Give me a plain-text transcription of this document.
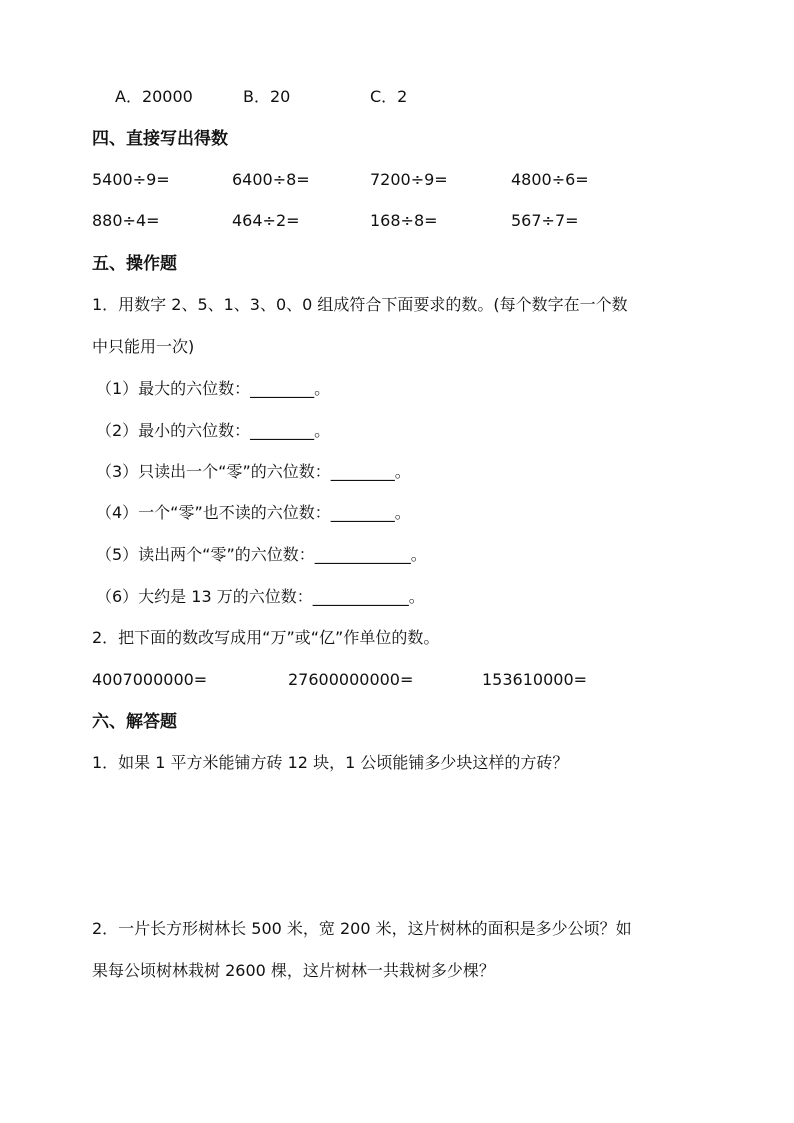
A．20000	B．20	C．2
四、直接写出得数
5400÷9=	6400÷8=	7200÷9=	4800÷6=
880÷4=	464÷2=	168÷8=	567÷7=
五、操作题
1．用数字 2、5、1、3、0、0 组成符合下面要求的数。(每个数字在一个数
中只能用一次)
（1）最大的六位数：________。
（2）最小的六位数：________。
（3）只读出一个“零”的六位数：________。
（4）一个“零”也不读的六位数：________。
（5）读出两个“零”的六位数：____________。
（6）大约是 13 万的六位数：____________。
2．把下面的数改写成用“万”或“亿”作单位的数。
4007000000=	27600000000=	153610000=
六、解答题
1．如果 1 平方米能铺方砖 12 块，1 公顷能铺多少块这样的方砖？
2．一片长方形树林长 500 米，宽 200 米，这片树林的面积是多少公顷？如
果每公顷树林栽树 2600 棵，这片树林一共栽树多少棵？
